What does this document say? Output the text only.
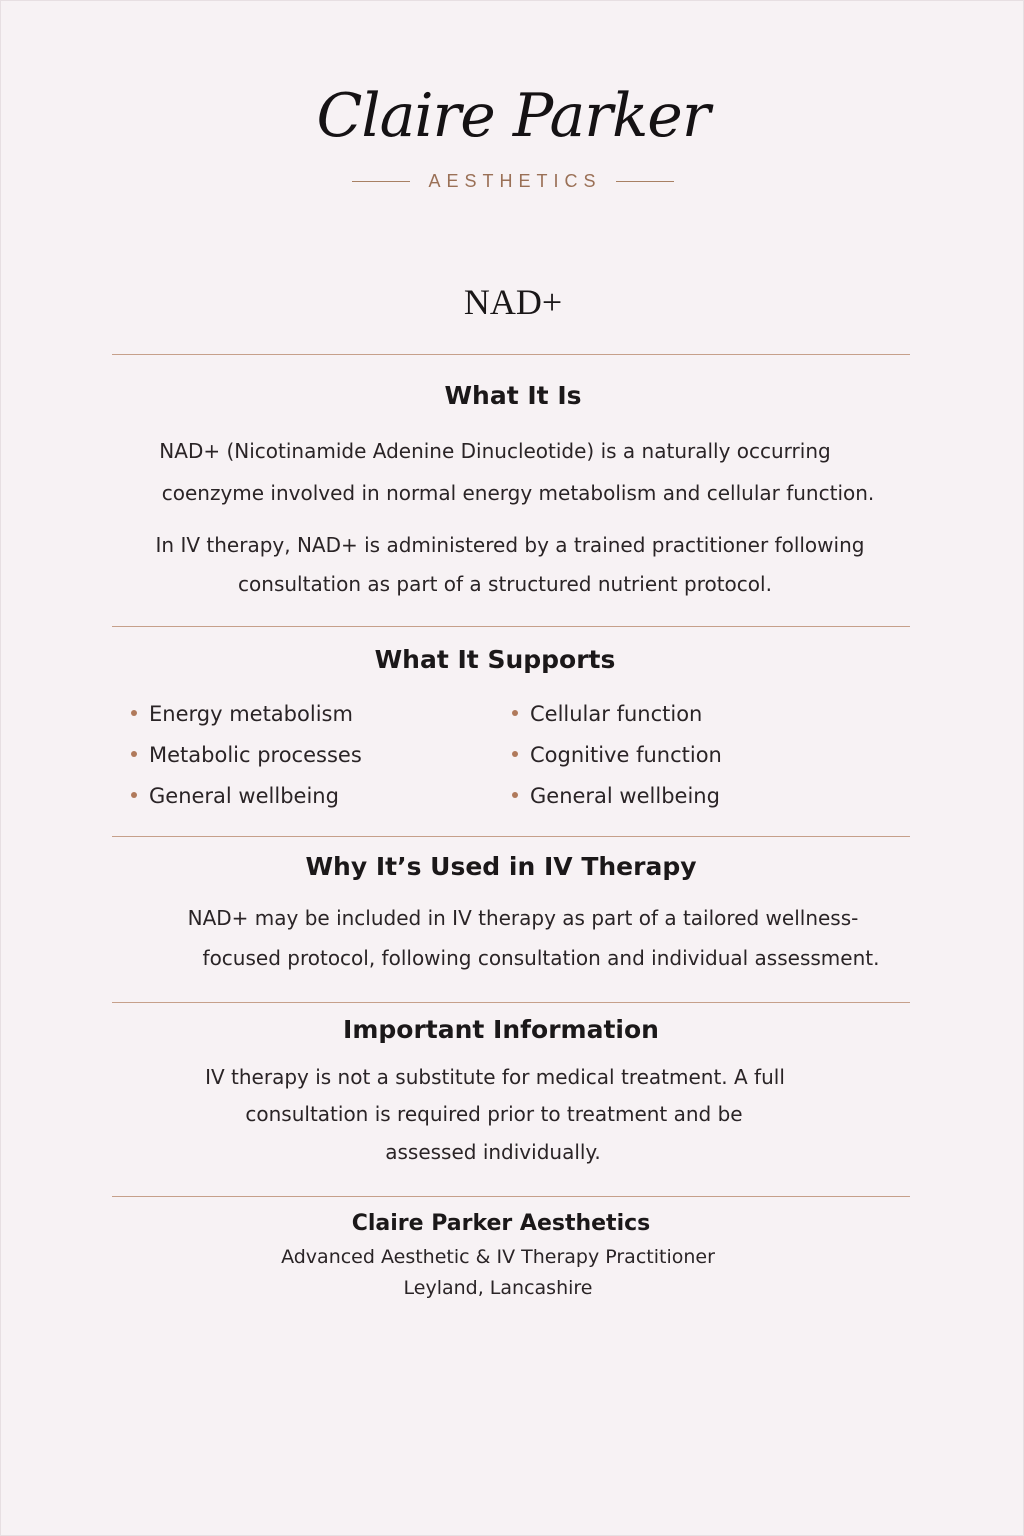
Claire Parker
AESTHETICS
NAD+
What It Is
NAD+ (Nicotinamide Adenine Dinucleotide) is a naturally occurring
coenzyme involved in normal energy metabolism and cellular function.
In IV therapy, NAD+ is administered by a trained practitioner following
consultation as part of a structured nutrient protocol.
What It Supports
Energy metabolism
Metabolic processes
General wellbeing
Cellular function
Cognitive function
General wellbeing
Why It’s Used in IV Therapy
NAD+ may be included in IV therapy as part of a tailored wellness-
focused protocol, following consultation and individual assessment.
Important Information
IV therapy is not a substitute for medical treatment. A full
consultation is required prior to treatment and be
assessed individually.
Claire Parker Aesthetics
Advanced Aesthetic & IV Therapy Practitioner
Leyland, Lancashire
